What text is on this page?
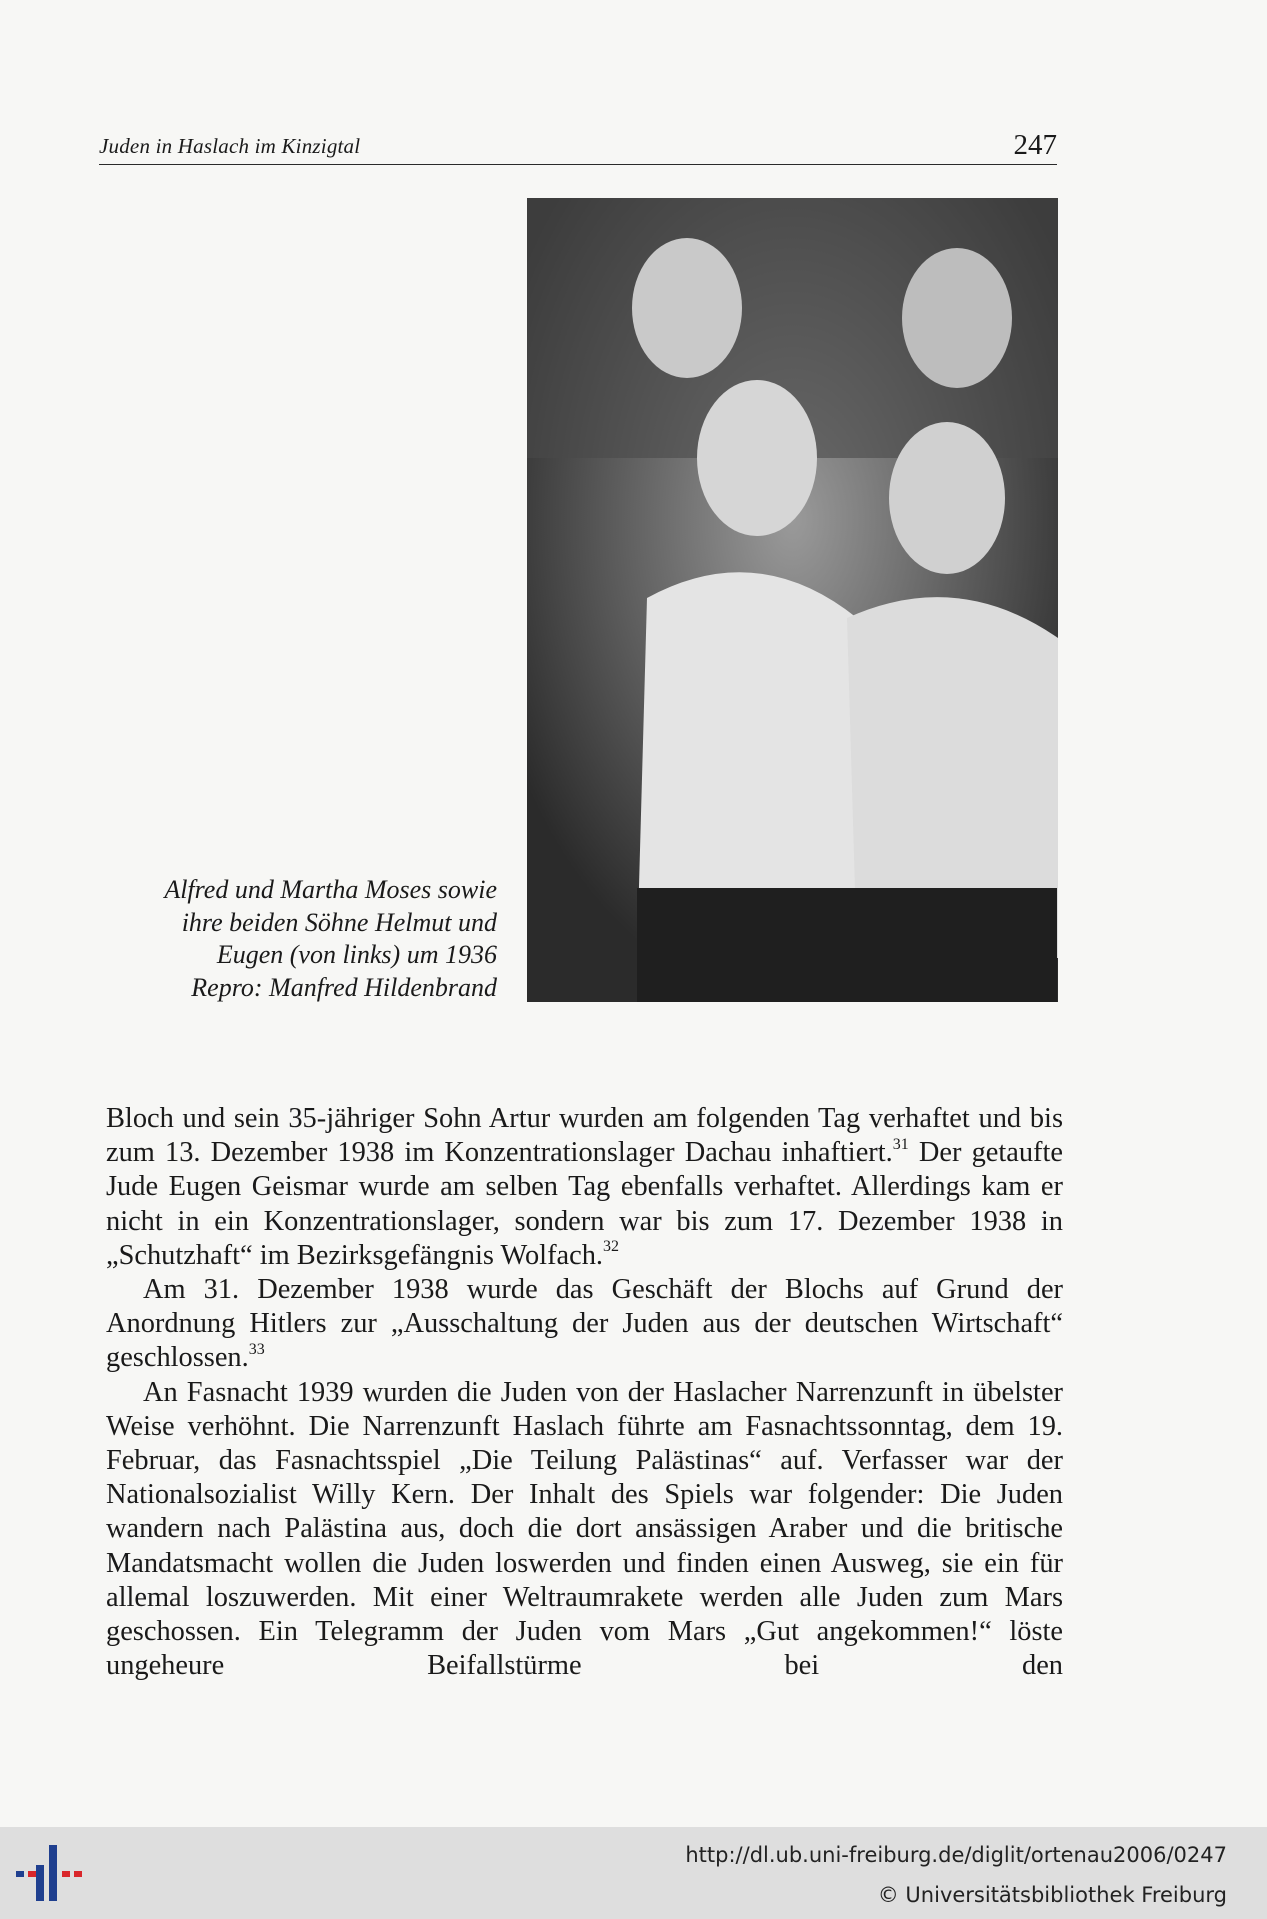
Juden in Haslach im Kinzigtal	247
Alfred und Martha Moses sowie
ihre beiden Söhne Helmut und
Eugen (von links) um 1936
Repro: Manfred Hildenbrand

Bloch und sein 35-jähriger Sohn Artur wurden am folgenden Tag verhaftet und bis zum 13. Dezember 1938 im Konzentrationslager Dachau inhaftiert.$^{31}$ Der getaufte Jude Eugen Geismar wurde am selben Tag ebenfalls verhaftet. Allerdings kam er nicht in ein Konzentrationslager, sondern war bis zum 17. Dezember 1938 in „Schutzhaft“ im Bezirksgefängnis Wolfach.$^{32}$

Am 31. Dezember 1938 wurde das Geschäft der Blochs auf Grund der Anordnung Hitlers zur „Ausschaltung der Juden aus der deutschen Wirtschaft“ geschlossen.$^{33}$

An Fasnacht 1939 wurden die Juden von der Haslacher Narrenzunft in übelster Weise verhöhnt. Die Narrenzunft Haslach führte am Fasnachtssonntag, dem 19. Februar, das Fasnachtsspiel „Die Teilung Palästinas“ auf. Verfasser war der Nationalsozialist Willy Kern. Der Inhalt des Spiels war folgender: Die Juden wandern nach Palästina aus, doch die dort ansässigen Araber und die britische Mandatsmacht wollen die Juden loswerden und finden einen Ausweg, sie ein für allemal loszuwerden. Mit einer Weltraumrakete werden alle Juden zum Mars geschossen. Ein Telegramm der Juden vom Mars „Gut angekommen!“ löste ungeheure Beifallstürme bei den

http://dl.ub.uni-freiburg.de/diglit/ortenau2006/0247
© Universitätsbibliothek Freiburg
